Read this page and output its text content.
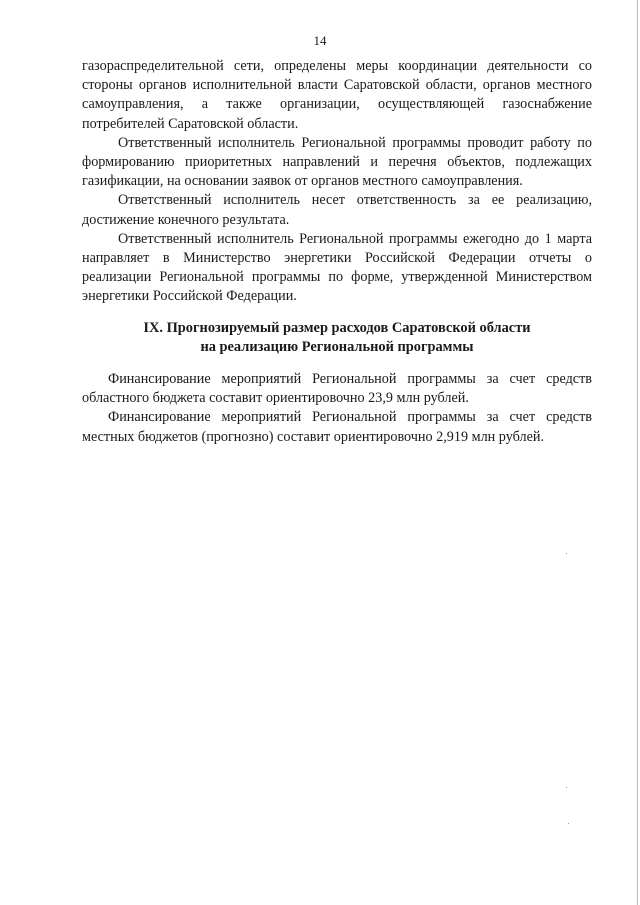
14

газораспределительной сети, определены меры координации деятельности со стороны органов исполнительной власти Саратовской области, органов местного самоуправления, а также организации, осуществляющей газоснабжение потребителей Саратовской области.

Ответственный исполнитель Региональной программы проводит работу по формированию приоритетных направлений и перечня объектов, подлежащих газификации, на основании заявок от органов местного самоуправления.

Ответственный исполнитель несет ответственность за ее реализацию, достижение конечного результата.

Ответственный исполнитель Региональной программы ежегодно до 1 марта направляет в Министерство энергетики Российской Федерации отчеты о реализации Региональной программы по форме, утвержденной Министерством энергетики Российской Федерации.

IX. Прогнозируемый размер расходов Саратовской области
на реализацию Региональной программы

Финансирование мероприятий Региональной программы за счет средств областного бюджета составит ориентировочно 23,9 млн рублей.

Финансирование мероприятий Региональной программы за счет средств местных бюджетов (прогнозно) составит ориентировочно 2,919 млн рублей.
